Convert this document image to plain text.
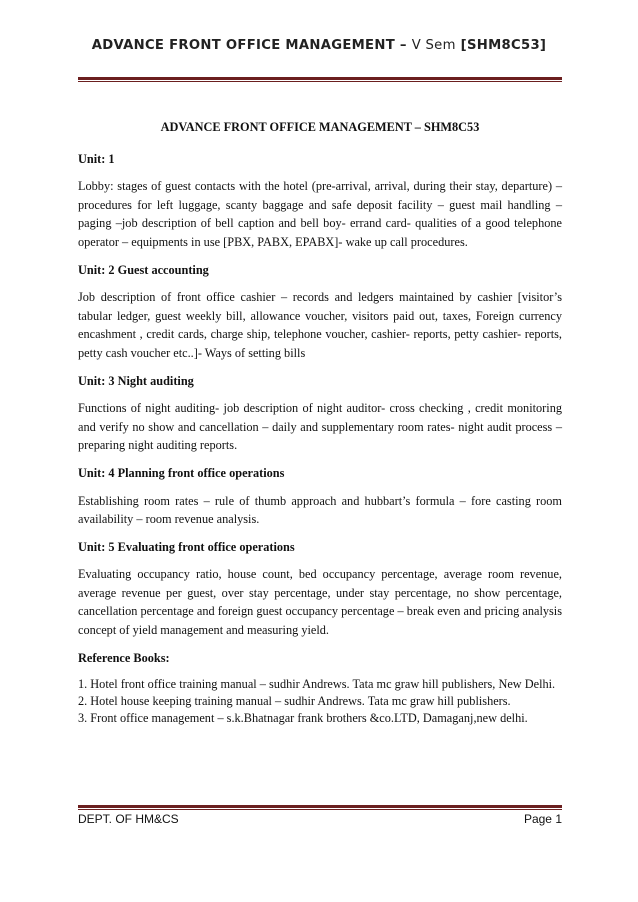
ADVANCE FRONT OFFICE MANAGEMENT – V Sem [SHM8C53]

ADVANCE FRONT OFFICE MANAGEMENT – SHM8C53

Unit: 1

Lobby: stages of guest contacts with the hotel (pre-arrival, arrival, during their stay, departure) – procedures for left luggage, scanty baggage and safe deposit facility – guest mail handling – paging –job description of bell caption and bell boy- errand card- qualities of a good telephone operator – equipments in use [PBX, PABX, EPABX]- wake up call procedures.

Unit: 2 Guest accounting

Job description of front office cashier – records and ledgers maintained by cashier [visitor’s tabular ledger, guest weekly bill, allowance voucher, visitors paid out, taxes, Foreign currency encashment , credit cards, charge ship, telephone voucher, cashier- reports, petty cashier- reports, petty cash voucher etc..]- Ways of setting bills

Unit: 3 Night auditing

Functions of night auditing- job description of night auditor- cross checking , credit monitoring and verify no show and cancellation – daily and supplementary room rates- night audit process – preparing night auditing reports.

Unit: 4 Planning front office operations

Establishing room rates – rule of thumb approach and hubbart’s formula – fore casting room availability – room revenue analysis.

Unit: 5 Evaluating front office operations

Evaluating occupancy ratio, house count, bed occupancy percentage, average room revenue, average revenue per guest, over stay percentage, under stay percentage, no show percentage, cancellation percentage and foreign guest occupancy percentage – break even and pricing analysis concept of yield management and measuring yield.

Reference Books:

1. Hotel front office training manual – sudhir Andrews. Tata mc graw hill publishers, New Delhi.

2. Hotel house keeping training manual – sudhir Andrews. Tata mc graw hill publishers.

3. Front office management – s.k.Bhatnagar frank brothers &co.LTD, Damaganj,new delhi.

DEPT. OF HM&CS	Page 1
